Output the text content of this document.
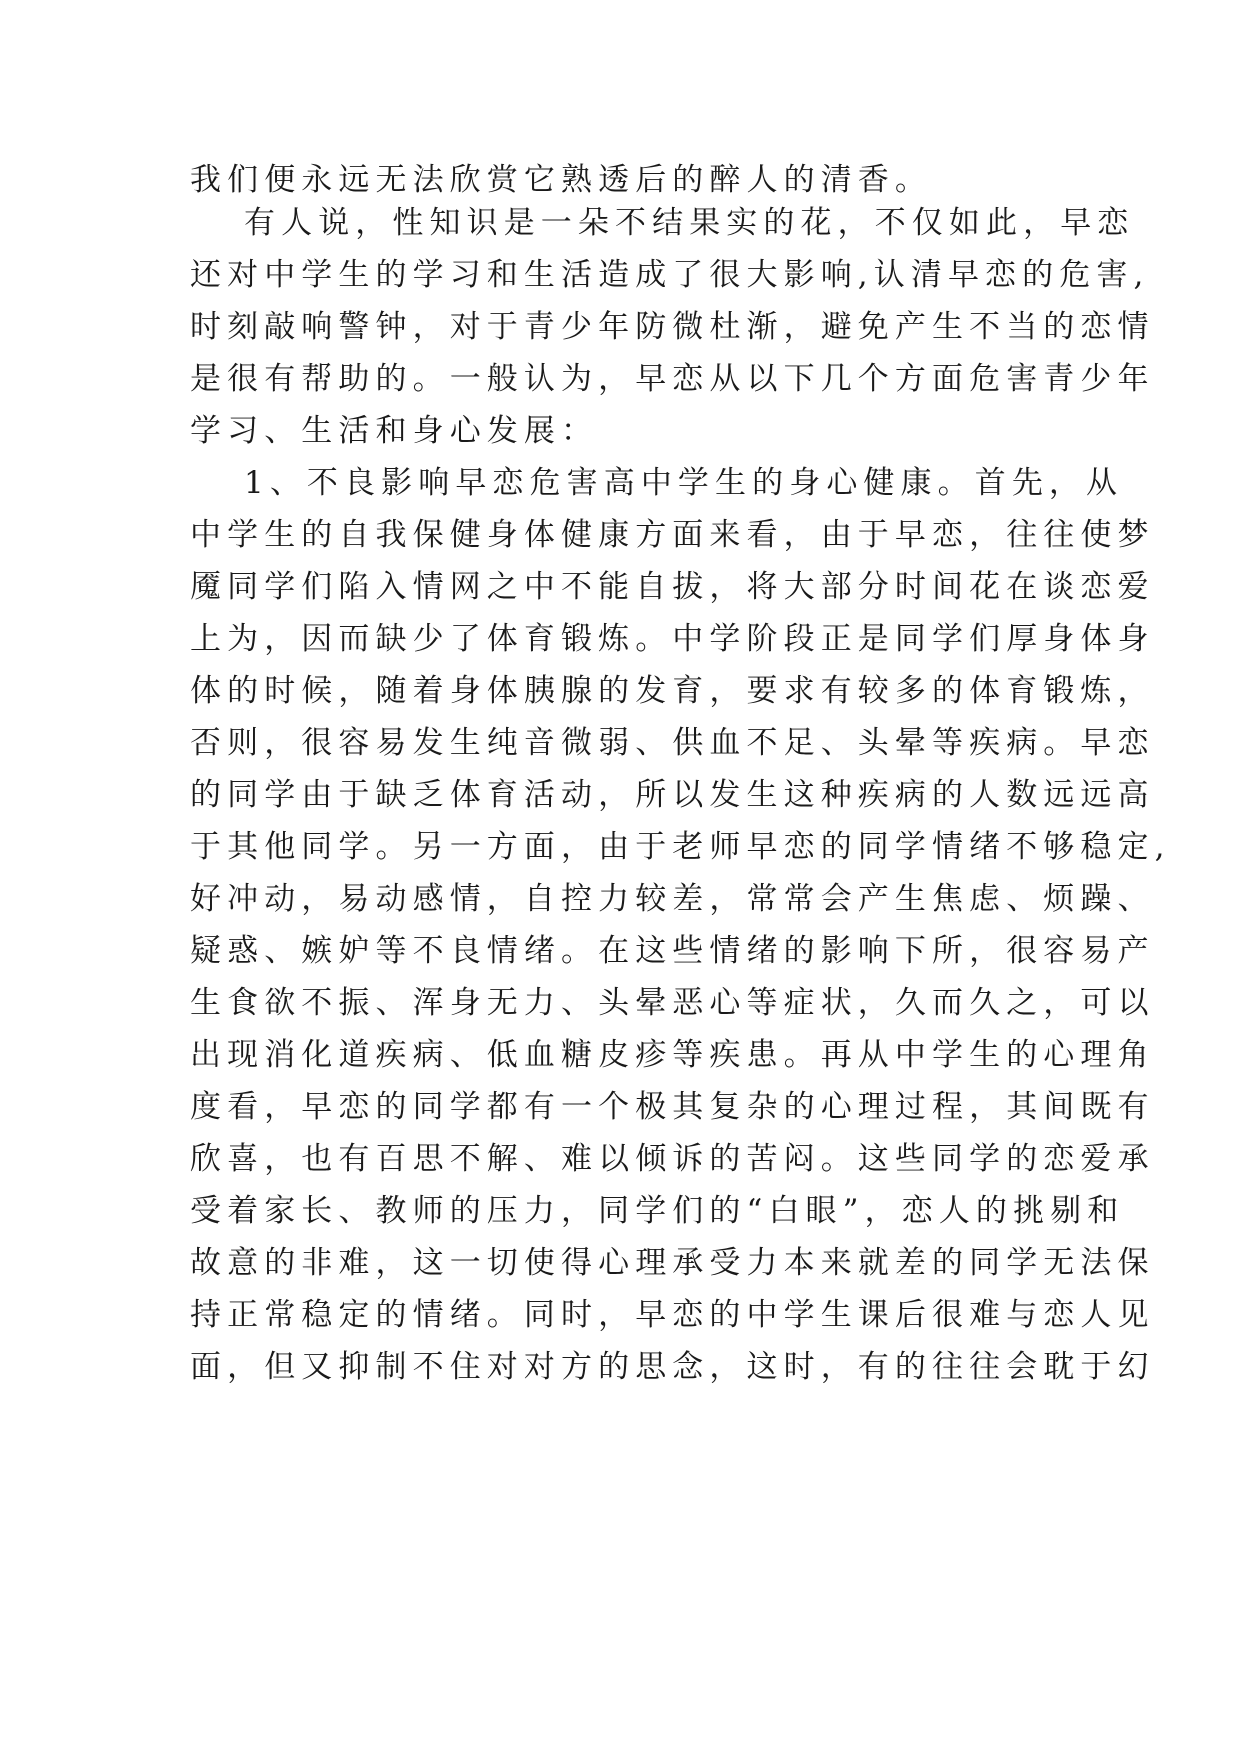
我们便永远无法欣赏它熟透后的醉人的清香。
有人说，性知识是一朵不结果实的花，不仅如此，早恋
还对中学生的学习和生活造成了很大影响,认清早恋的危害,
时刻敲响警钟，对于青少年防微杜渐，避免产生不当的恋情
是很有帮助的。一般认为，早恋从以下几个方面危害青少年
学习、生活和身心发展：
1、不良影响早恋危害高中学生的身心健康。首先，从
中学生的自我保健身体健康方面来看，由于早恋，往往使梦
魇同学们陷入情网之中不能自拔，将大部分时间花在谈恋爱
上为，因而缺少了体育锻炼。中学阶段正是同学们厚身体身
体的时候，随着身体胰腺的发育，要求有较多的体育锻炼，
否则，很容易发生纯音微弱、供血不足、头晕等疾病。早恋
的同学由于缺乏体育活动，所以发生这种疾病的人数远远高
于其他同学。另一方面，由于老师早恋的同学情绪不够稳定,
好冲动，易动感情，自控力较差，常常会产生焦虑、烦躁、
疑惑、嫉妒等不良情绪。在这些情绪的影响下所，很容易产
生食欲不振、浑身无力、头晕恶心等症状，久而久之，可以
出现消化道疾病、低血糖皮疹等疾患。再从中学生的心理角
度看，早恋的同学都有一个极其复杂的心理过程，其间既有
欣喜，也有百思不解、难以倾诉的苦闷。这些同学的恋爱承
受着家长、教师的压力，同学们的“白眼”，恋人的挑剔和
故意的非难，这一切使得心理承受力本来就差的同学无法保
持正常稳定的情绪。同时，早恋的中学生课后很难与恋人见
面，但又抑制不住对对方的思念，这时，有的往往会耽于幻
